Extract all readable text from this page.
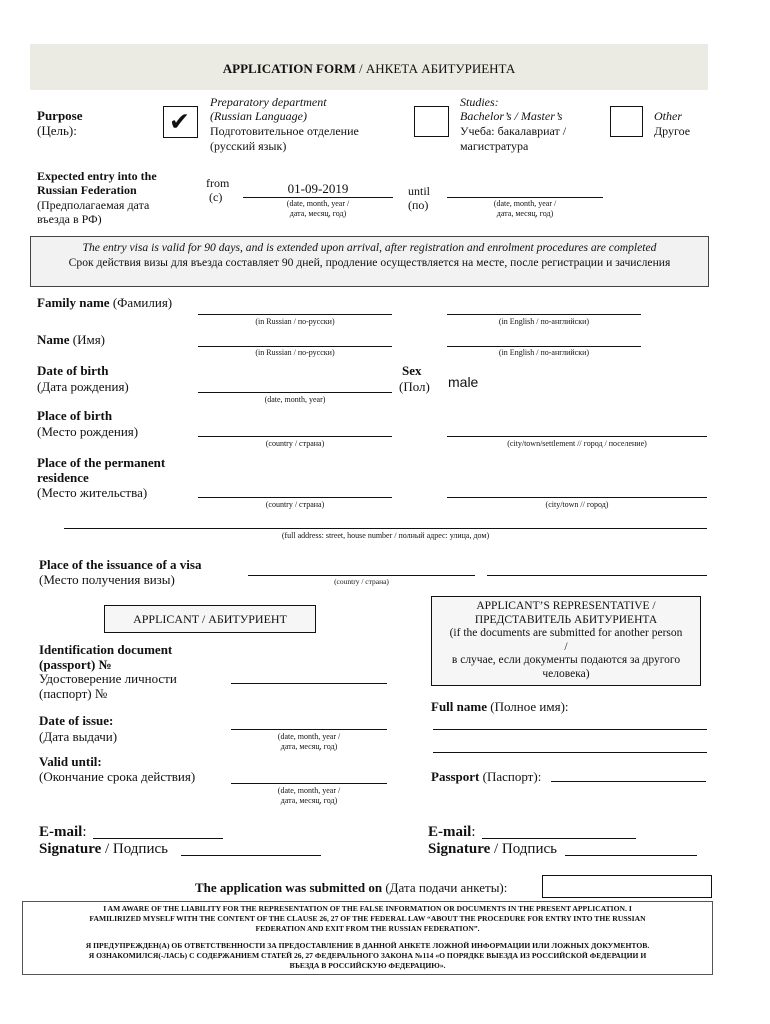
APPLICATION FORM / АНКЕТА АБИТУРИЕНТА
Purpose
(Цель):	✔
Preparatory department
(Russian Language)
Подготовительное отделение
(русский язык)
Studies:
Bachelor’s / Master’s
Учеба: бакалавриат /
магистратура
Other
Другое
Expected entry into the
Russian Federation
(Предполагаемая дата
въезда в РФ)
from
(с)
01-09-2019
(date, month, year /
дата, месяц, год)
until
(по)	(date, month, year /
дата, месяц, год)
The entry visa is valid for 90 days, and is extended upon arrival, after registration and enrolment procedures are completed
Срок действия визы для въезда составляет 90 дней, продление осуществляется на месте, после регистрации и зачисления
Family name (Фамилия)
(in Russian / по-русски)	(in English / по-английски)
Name (Имя)
(in Russian / по-русски)	(in English / по-английски)
Date of birth
(Дата рождения)
(date, month, year)
Sex
(Пол) male
Place of birth
(Место рождения)
(country / страна)	(city/town/settlement // город / поселение)
Place of the permanent
residence
(Место жительства)
(country / страна)	(city/town // город)
(full address: street, house number / полный адрес: улица, дом)
Place of the issuance of a visa
(Место получения визы)	(country / страна)
APPLICANT / АБИТУРИЕНТ
APPLICANT’S REPRESENTATIVE /
ПРЕДСТАВИТЕЛЬ АБИТУРИЕНТА
(if the documents are submitted for another person
/
в случае, если документы подаются за другого
человека)
Identification document
(passport) №
Удостоверение личности
(паспорт) №
Date of issue:
(Дата выдачи)	(date, month, year /
дата, месяц, год)
Valid until:
(Окончание срока действия)
(date, month, year /
дата, месяц, год)
Full name (Полное имя):
Passport (Паспорт):
E-mail:
Signature / Подпись
E-mail:
Signature / Подпись
The application was submitted on (Дата подачи анкеты):
I AM AWARE OF THE LIABILITY FOR THE REPRESENTATION OF THE FALSE INFORMATION OR DOCUMENTS IN THE PRESENT APPLICATION. I
FAMILIRIZED MYSELF WITH THE CONTENT OF THE CLAUSE 26, 27 OF THE FEDERAL LAW “ABOUT THE PROCEDURE FOR ENTRY INTO THE RUSSIAN
FEDERATION AND EXIT FROM THE RUSSIAN FEDERATION”.
Я ПРЕДУПРЕЖДЕН(А) ОБ ОТВЕТСТВЕННОСТИ ЗА ПРЕДОСТАВЛЕНИЕ В ДАННОЙ АНКЕТЕ ЛОЖНОЙ ИНФОРМАЦИИ ИЛИ ЛОЖНЫХ ДОКУМЕНТОВ.
Я ОЗНАКОМИЛСЯ(-ЛАСЬ) С СОДЕРЖАНИЕМ СТАТЕЙ 26, 27 ФЕДЕРАЛЬНОГО ЗАКОНА №114 «О ПОРЯДКЕ ВЫЕЗДА ИЗ РОССИЙСКОЙ ФЕДЕРАЦИИ И
ВЪЕЗДА В РОССИЙСКУЮ ФЕДЕРАЦИЮ».
